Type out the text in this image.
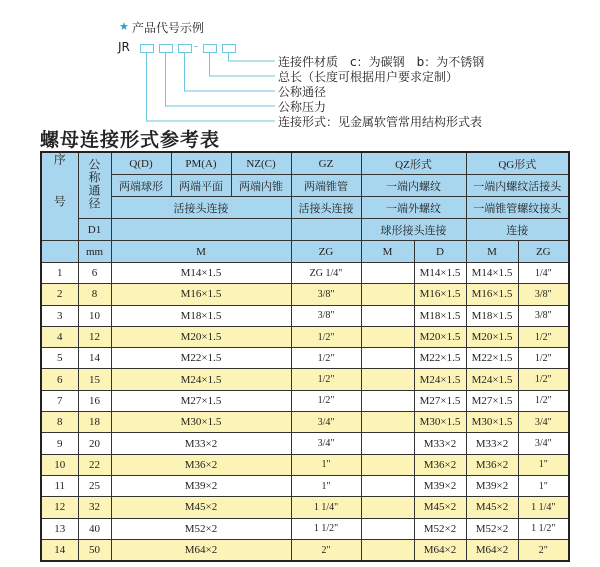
★ 产品代号示例
JR	-
连接件材质　c：为碳钢　b：为不锈钢
总长（长度可根据用户要求定制）
公称通径
公称压力
连接形式：见金属软管常用结构形式表
螺母连接形式参考表
序号	公称通径	Q(D)	PM(A)	NZ(C)	GZ	QZ形式		QG形式	
		两端球形	两端平面	两端内锥	两端锥管	一端内螺纹		一端内螺纹活接头	
		活接头连接			活接头连接	一端外螺纹		一端锥管螺纹接头	
	D1					球形接头连接		连接	
	mm	M			ZG	M	D	M	ZG
1	6	M14×1.5			ZG 1/4"		M14×1.5	M14×1.5	1/4"
2	8	M16×1.5			3/8"		M16×1.5	M16×1.5	3/8"
3	10	M18×1.5			3/8"		M18×1.5	M18×1.5	3/8"
4	12	M20×1.5			1/2"		M20×1.5	M20×1.5	1/2"
5	14	M22×1.5			1/2"		M22×1.5	M22×1.5	1/2"
6	15	M24×1.5			1/2"		M24×1.5	M24×1.5	1/2"
7	16	M27×1.5			1/2"		M27×1.5	M27×1.5	1/2"
8	18	M30×1.5			3/4"		M30×1.5	M30×1.5	3/4"
9	20	M33×2			3/4"		M33×2	M33×2	3/4"
10	22	M36×2			1"		M36×2	M36×2	1"
11	25	M39×2			1"		M39×2	M39×2	1"
12	32	M45×2			1 1/4"		M45×2	M45×2	1 1/4"
13	40	M52×2			1 1/2"		M52×2	M52×2	1 1/2"
14	50	M64×2			2"		M64×2	M64×2	2"
